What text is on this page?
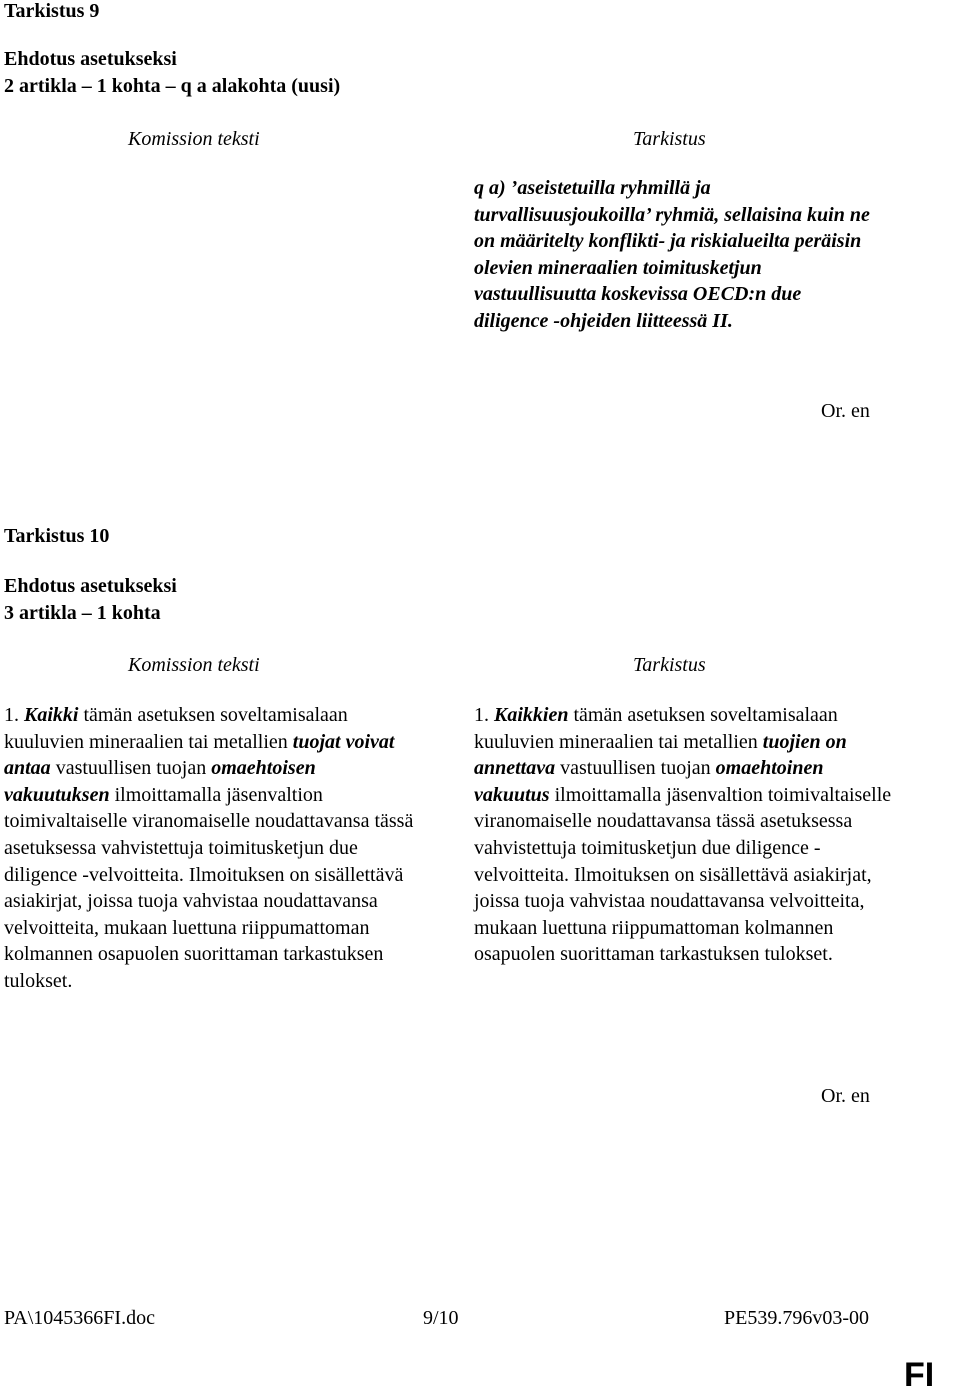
Tarkistus 9
Ehdotus asetukseksi
2 artikla – 1 kohta – q a alakohta (uusi)
Komission teksti	Tarkistus
q a) ’aseistetuilla ryhmillä ja turvallisuusjoukoilla’ ryhmiä, sellaisina kuin ne on määritelty konflikti- ja riskialueilta peräisin olevien mineraalien toimitusketjun vastuullisuutta koskevissa OECD:n due diligence -ohjeiden liitteessä II.
Or. en
Tarkistus 10
Ehdotus asetukseksi
3 artikla – 1 kohta
Komission teksti	Tarkistus

1. Kaikki tämän asetuksen soveltamisalaan kuuluvien mineraalien tai metallien tuojat voivat antaa vastuullisen tuojan omaehtoisen vakuutuksen ilmoittamalla jäsenvaltion toimivaltaiselle viranomaiselle noudattavansa tässä asetuksessa vahvistettuja toimitusketjun due diligence -velvoitteita. Ilmoituksen on sisällettävä asiakirjat, joissa tuoja vahvistaa noudattavansa velvoitteita, mukaan luettuna riippumattoman kolmannen osapuolen suorittaman tarkastuksen tulokset.

1. Kaikkien tämän asetuksen soveltamisalaan kuuluvien mineraalien tai metallien tuojien on annettava vastuullisen tuojan omaehtoinen vakuutus ilmoittamalla jäsenvaltion toimivaltaiselle viranomaiselle noudattavansa tässä asetuksessa vahvistettuja toimitusketjun due diligence -velvoitteita. Ilmoituksen on sisällettävä asiakirjat, joissa tuoja vahvistaa noudattavansa velvoitteita, mukaan luettuna riippumattoman kolmannen osapuolen suorittaman tarkastuksen tulokset.

Or. en
PA\1045366FI.doc	9/10	PE539.796v03-00
FI
